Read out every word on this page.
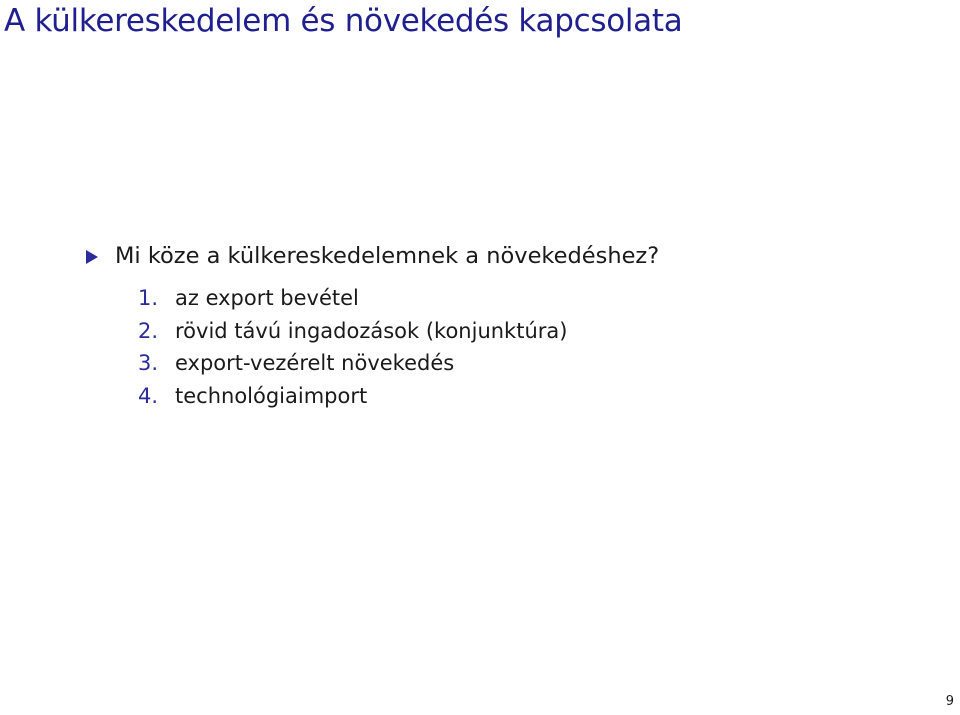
A külkereskedelem és növekedés kapcsolata
Mi köze a külkereskedelemnek a növekedéshez?
1. az export bevétel
2. rövid távú ingadozások (konjunktúra)
3. export-vezérelt növekedés
4. technológiaimport
9
